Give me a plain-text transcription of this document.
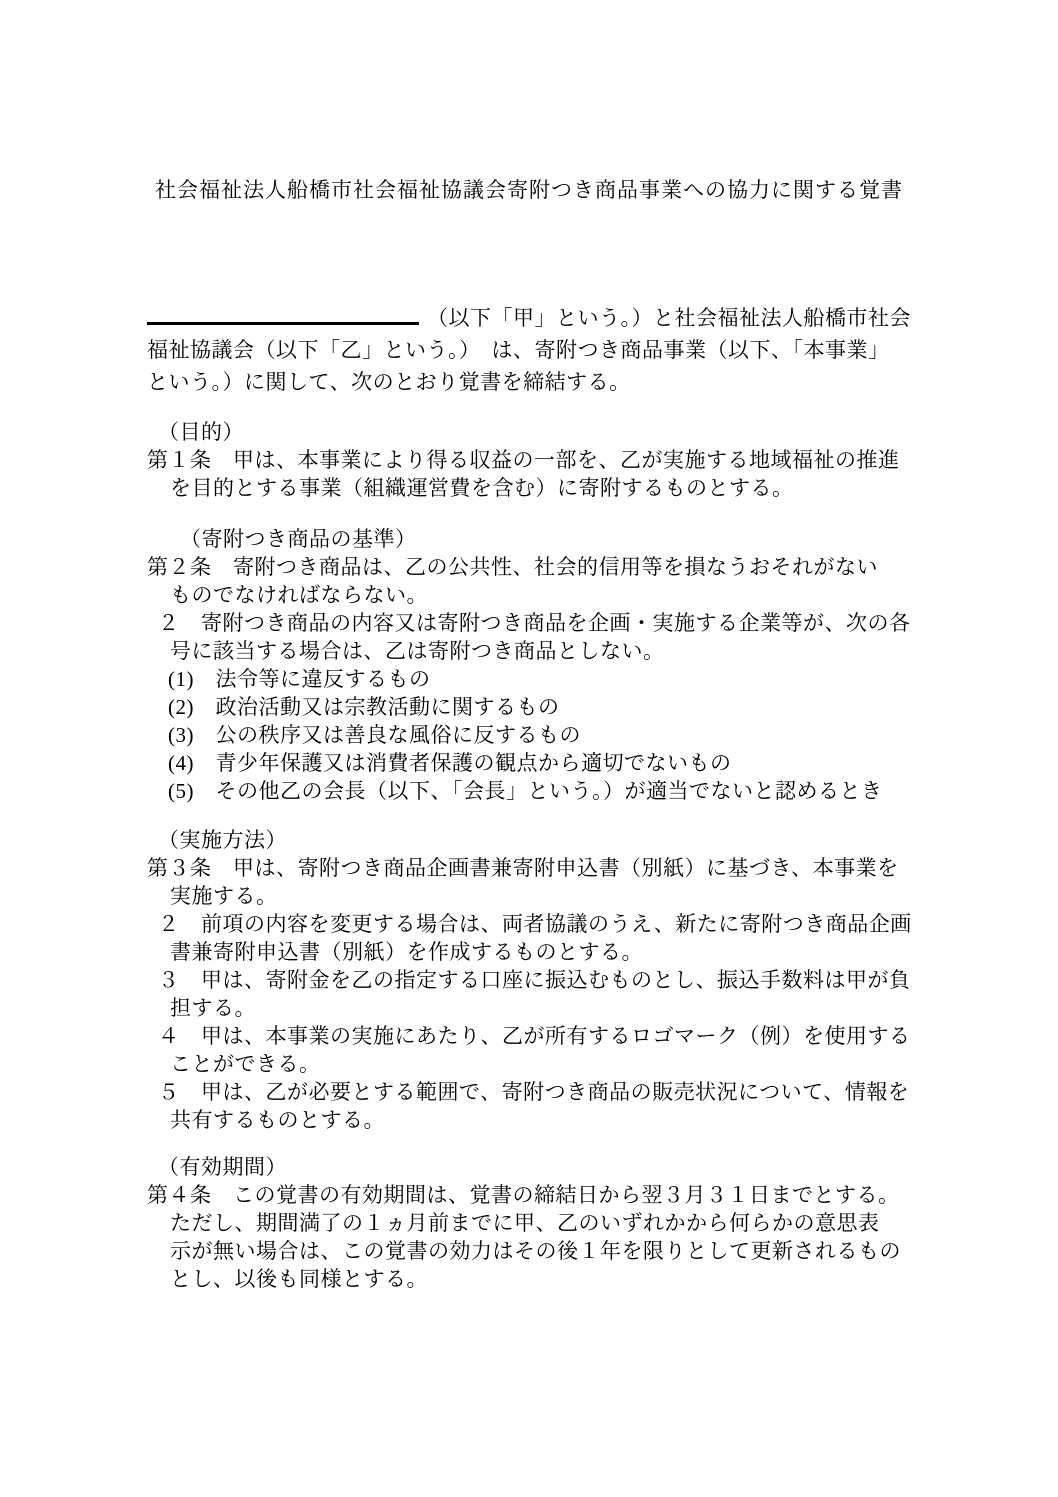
社会福祉法人船橋市社会福祉協議会寄附つき商品事業への協力に関する覚書
（以下「甲」という。）と社会福祉法人船橋市社会
福祉協議会（以下「乙」という。）　は、寄附つき商品事業（以下、「本事業」
という。）に関して、次のとおり覚書を締結する。
（目的）
第１条　甲は、本事業により得る収益の一部を、乙が実施する地域福祉の推進
を目的とする事業（組織運営費を含む）に寄附するものとする。
（寄附つき商品の基準）
第２条　寄附つき商品は、乙の公共性、社会的信用等を損なうおそれがない
ものでなければならない。
２　寄附つき商品の内容又は寄附つき商品を企画・実施する企業等が、次の各
号に該当する場合は、乙は寄附つき商品としない。
(1)　法令等に違反するもの
(2)　政治活動又は宗教活動に関するもの
(3)　公の秩序又は善良な風俗に反するもの
(4)　青少年保護又は消費者保護の観点から適切でないもの
(5)　その他乙の会長（以下、「会長」という。）が適当でないと認めるとき
（実施方法）
第３条　甲は、寄附つき商品企画書兼寄附申込書（別紙）に基づき、本事業を
実施する。
２　前項の内容を変更する場合は、両者協議のうえ、新たに寄附つき商品企画
書兼寄附申込書（別紙）を作成するものとする。
３　甲は、寄附金を乙の指定する口座に振込むものとし、振込手数料は甲が負
担する。
４　甲は、本事業の実施にあたり、乙が所有するロゴマーク（例）を使用する
ことができる。
５　甲は、乙が必要とする範囲で、寄附つき商品の販売状況について、情報を
共有するものとする。
（有効期間）
第４条　この覚書の有効期間は、覚書の締結日から翌３月３１日までとする。
ただし、期間満了の１ヵ月前までに甲、乙のいずれかから何らかの意思表
示が無い場合は、この覚書の効力はその後１年を限りとして更新されるもの
とし、以後も同様とする。
